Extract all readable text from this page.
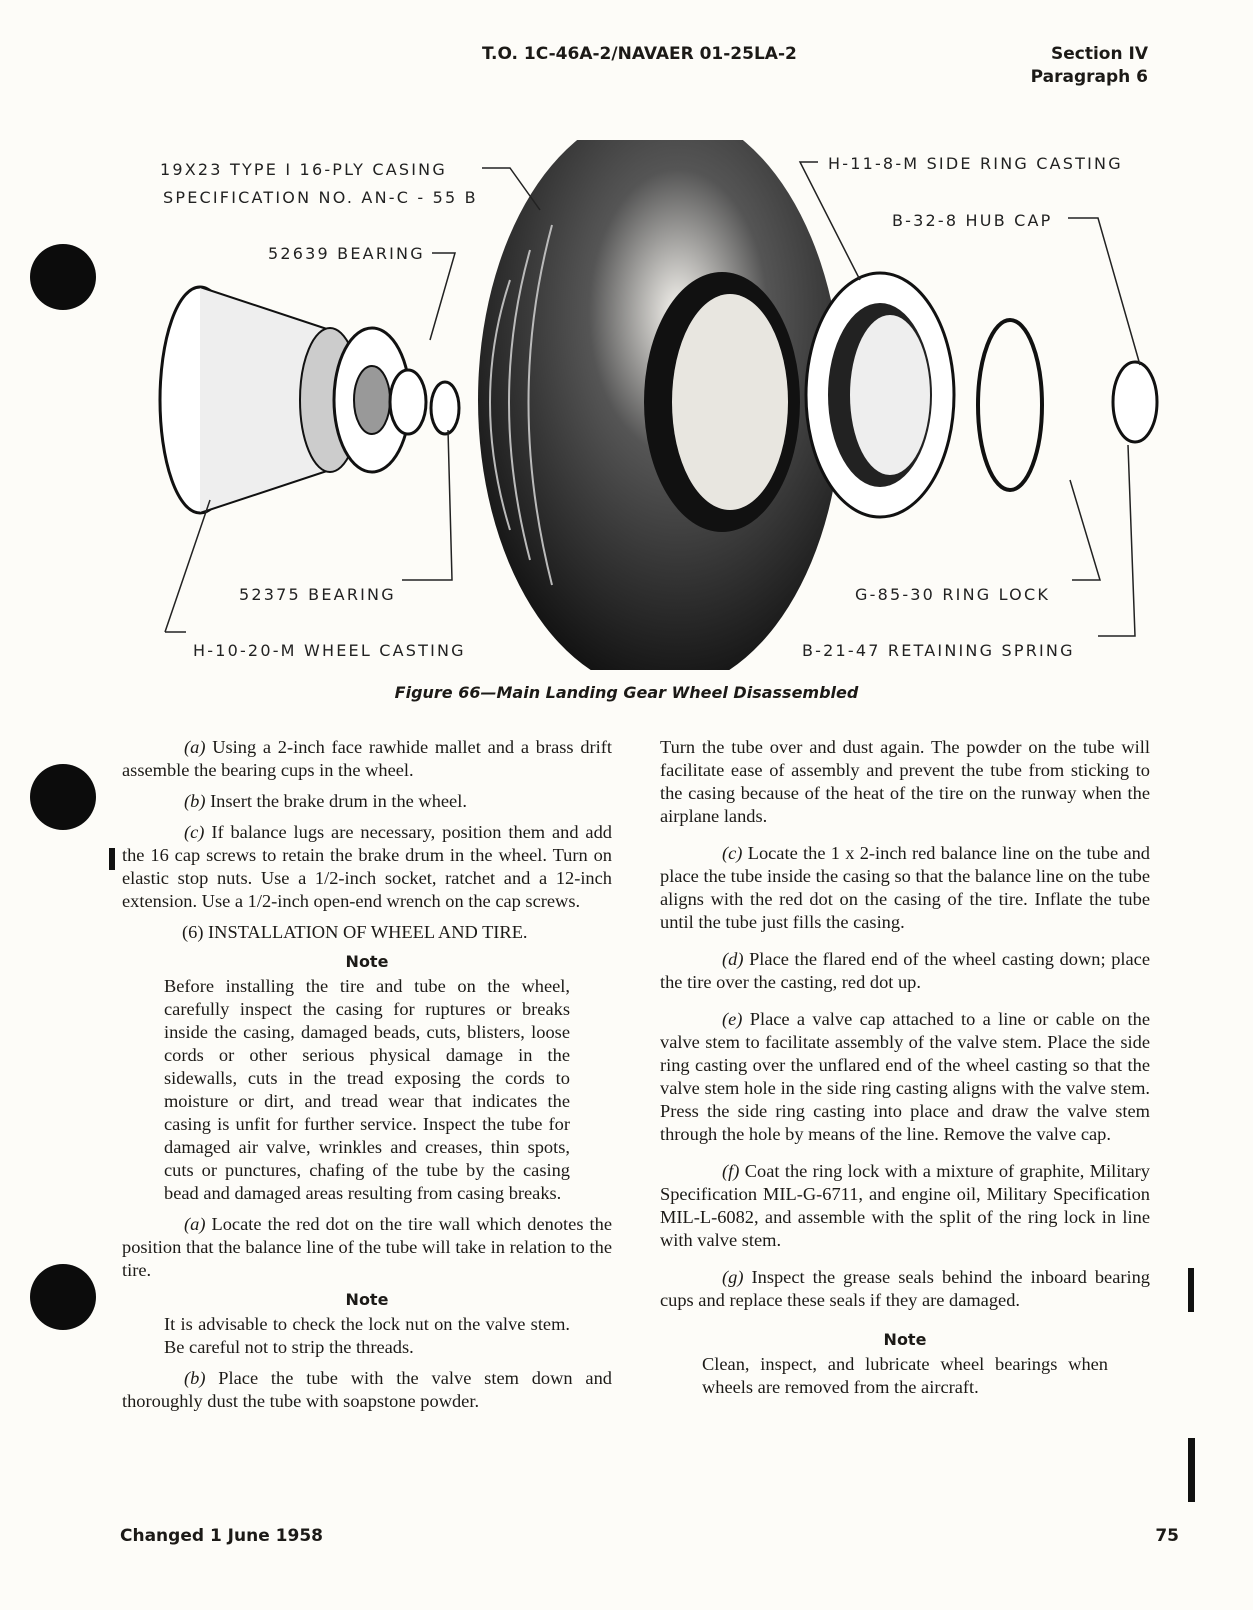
T.O. 1C-46A-2/NAVAER 01-25LA-2	Section IV
Paragraph 6
19X23 TYPE I 16-PLY CASING
SPECIFICATION NO. AN-C - 55 B
52639 BEARING
52375 BEARING
H-10-20-M WHEEL CASTING
H-11-8-M SIDE RING CASTING
B-32-8 HUB CAP
G-85-30 RING LOCK
B-21-47 RETAINING SPRING
Figure 66—Main Landing Gear Wheel Disassembled

(a) Using a 2-inch face rawhide mallet and a brass drift assemble the bearing cups in the wheel.

(b) Insert the brake drum in the wheel.

(c) If balance lugs are necessary, position them and add the 16 cap screws to retain the brake drum in the wheel. Turn on elastic stop nuts. Use a 1/2-inch socket, ratchet and a 12-inch extension. Use a 1/2-inch open-end wrench on the cap screws.

(6) INSTALLATION OF WHEEL AND TIRE.

Note

Before installing the tire and tube on the wheel, carefully inspect the casing for ruptures or breaks inside the casing, damaged beads, cuts, blisters, loose cords or other serious physical damage in the sidewalls, cuts in the tread exposing the cords to moisture or dirt, and tread wear that indicates the casing is unfit for further service. Inspect the tube for damaged air valve, wrinkles and creases, thin spots, cuts or punctures, chafing of the tube by the casing bead and damaged areas resulting from casing breaks.

(a) Locate the red dot on the tire wall which denotes the position that the balance line of the tube will take in relation to the tire.

Note

It is advisable to check the lock nut on the valve stem. Be careful not to strip the threads.

(b) Place the tube with the valve stem down and thoroughly dust the tube with soapstone powder.

Turn the tube over and dust again. The powder on the tube will facilitate ease of assembly and prevent the tube from sticking to the casing because of the heat of the tire on the runway when the airplane lands.

(c) Locate the 1 x 2-inch red balance line on the tube and place the tube inside the casing so that the balance line on the tube aligns with the red dot on the casing of the tire. Inflate the tube until the tube just fills the casing.

(d) Place the flared end of the wheel casting down; place the tire over the casting, red dot up.

(e) Place a valve cap attached to a line or cable on the valve stem to facilitate assembly of the valve stem. Place the side ring casting over the unflared end of the wheel casting so that the valve stem hole in the side ring casting aligns with the valve stem. Press the side ring casting into place and draw the valve stem through the hole by means of the line. Remove the valve cap.

(f) Coat the ring lock with a mixture of graphite, Military Specification MIL-G-6711, and engine oil, Military Specification MIL-L-6082, and assemble with the split of the ring lock in line with valve stem.

(g) Inspect the grease seals behind the inboard bearing cups and replace these seals if they are damaged.

Note

Clean, inspect, and lubricate wheel bearings when wheels are removed from the aircraft.

Changed 1 June 1958	75
